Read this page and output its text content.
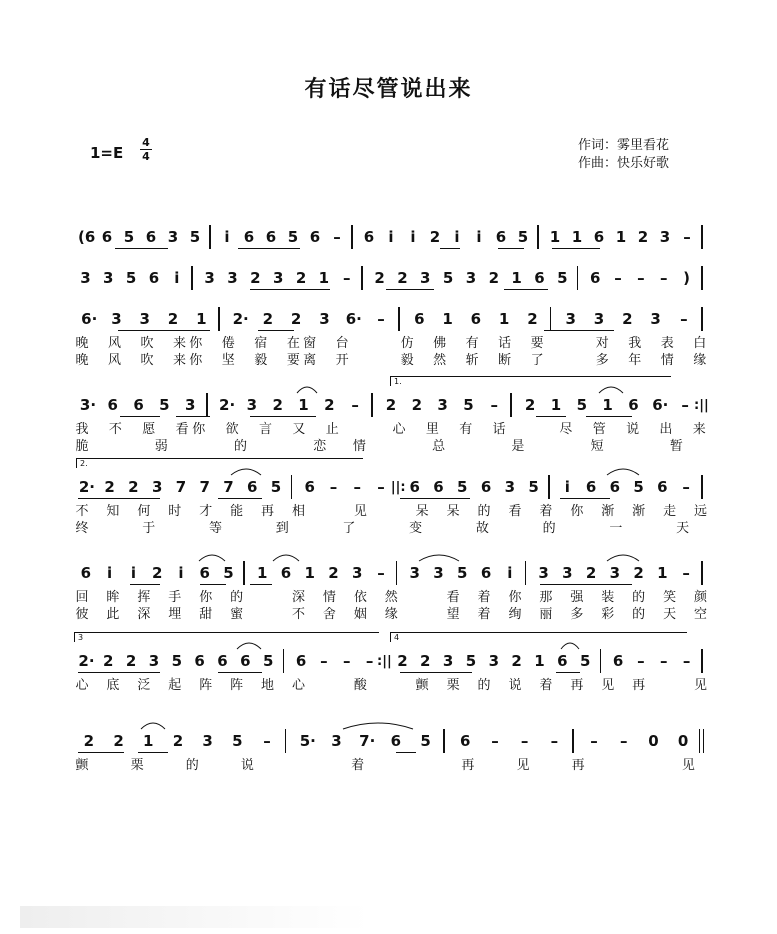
有话尽管说出来
1=E
4
4
作词：雾里看花
作曲：快乐好歌
(6 6 5 6 3 5 i 6 6 5 6 – 6 i i 2 i i 6 5 1 1 6 1 2 3 –
3 3 5 6 i 3 3 2 3 2 1 – 2 2 3 5 3 2 1 6 5 6 – – – )
6· 3 3 2 1 2· 2 2 3 6· – 6 1 6 1 2 3 3 2 3 –
晚 风 吹 来 你 倦 宿 在 窗 台	仿 佛 有 话 要	对 我 表 白
晚 风 吹 来 你 坚 毅 要 离 开	毅 然 斩 断 了	多 年 情 缘
3· 6 6 5 3 2· 3 2 1 2 – 2 2 3 5 – 2 1 5 1 6 6· – :||
我 不 愿 看 你 欲 言 又 止	心 里 有 话	尽 管 说 出 来
脆	弱	的	恋 情	总	是	短	暂
2· 2 2 3 7 7 7 6 5 6 – – – ||: 6 6 5 6 3 5 i 6 6 5 6 –
不 知 何 时 才 能 再 相	见	呆 呆 的 看 着 你 渐 渐 走 远
终	于	等	到	了	变	故	的	一	天
6 i i 2 i 6 5 1 6 1 2 3 – 3 3 5 6 i 3 3 2 3 2 1 –
回 眸 挥 手 你 的	深 情 依 然	看 着 你 那 强 装 的 笑 颜
彼 此 深 埋 甜 蜜	不 舍 姻 缘	望 着 绚 丽 多 彩 的 天 空
2· 2 2 3 5 6 6 6 5 6 – – – :|| 2 2 3 5 3 2 1 6 5 6 – – –
心 底 泛 起 阵 阵 地 心	酸	颤 栗 的 说 着 再 见 再	见
2 2 1 2 3 5 – 5· 3 7· 6 5 6 – – – – – 0 0
颤	栗	的	说	着	再	见	再	见
1.
2.
3	4
